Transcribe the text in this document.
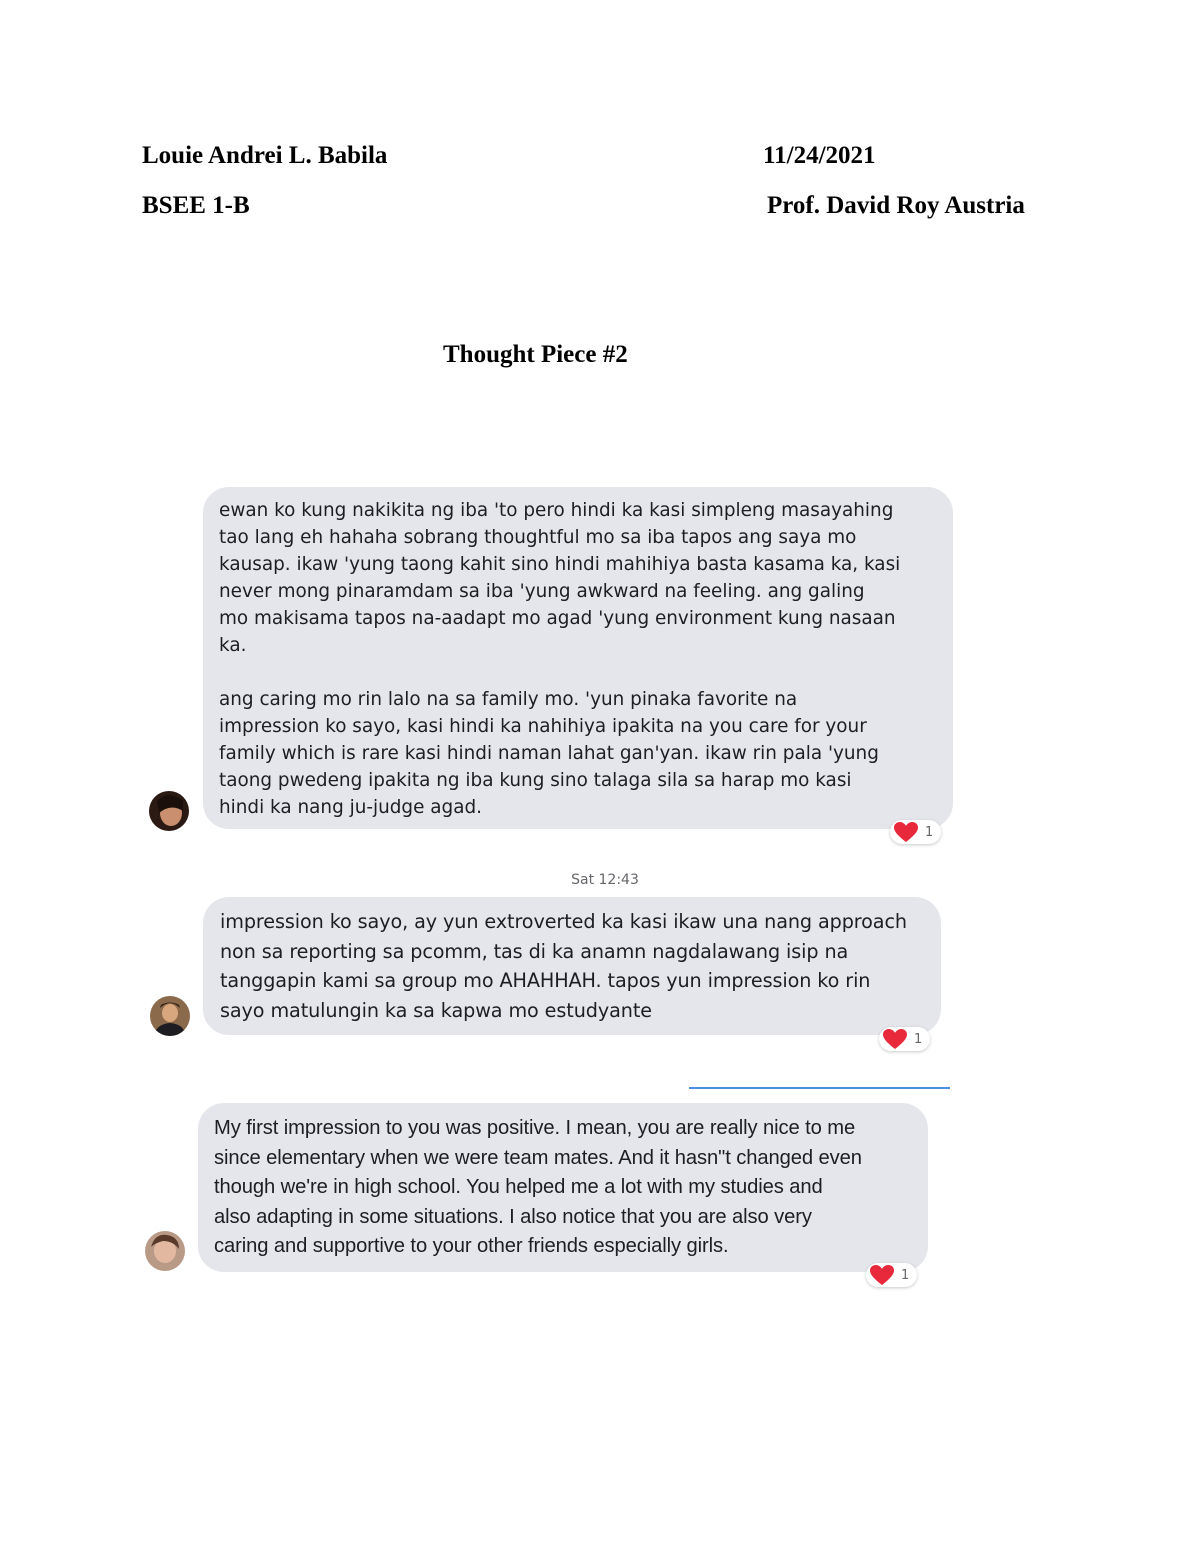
Louie Andrei L. Babila	11/24/2021
BSEE 1-B	Prof. David Roy Austria
Thought Piece #2

ewan ko kung nakikita ng iba 'to pero hindi ka kasi simpleng masayahing
tao lang eh hahaha sobrang thoughtful mo sa iba tapos ang saya mo
kausap. ikaw 'yung taong kahit sino hindi mahihiya basta kasama ka, kasi
never mong pinaramdam sa iba 'yung awkward na feeling. ang galing
mo makisama tapos na-aadapt mo agad 'yung environment kung nasaan
ka.

ang caring mo rin lalo na sa family mo. 'yun pinaka favorite na
impression ko sayo, kasi hindi ka nahihiya ipakita na you care for your
family which is rare kasi hindi naman lahat gan'yan. ikaw rin pala 'yung
taong pwedeng ipakita ng iba kung sino talaga sila sa harap mo kasi
hindi ka nang ju-judge agad.

1
Sat 12:43

impression ko sayo, ay yun extroverted ka kasi ikaw una nang approach
non sa reporting sa pcomm, tas di ka anamn nagdalawang isip na
tanggapin kami sa group mo AHAHHAH. tapos yun impression ko rin
sayo matulungin ka sa kapwa mo estudyante

1

My first impression to you was positive. I mean, you are really nice to me
since elementary when we were team mates. And it hasn"t changed even
though we're in high school. You helped me a lot with my studies and
also adapting in some situations. I also notice that you are also very
caring and supportive to your other friends especially girls.

1
